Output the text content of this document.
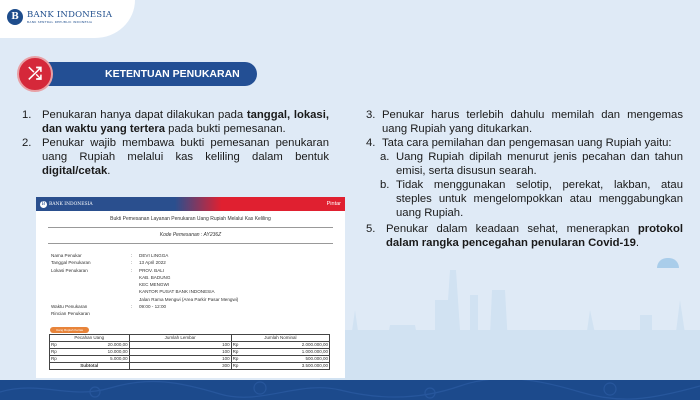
B BANK INDONESIA
BANK SENTRAL REPUBLIK INDONESIA
KETENTUAN PENUKARAN
⤮
1. Penukaran hanya dapat dilakukan pada tanggal, lokasi, dan waktu yang tertera pada bukti pemesanan.
2. Penukar wajib membawa bukti pemesanan penukaran uang Rupiah melalui kas keliling dalam bentuk digital/cetak.
3. Penukar harus terlebih dahulu memilah dan mengemas uang Rupiah yang ditukarkan.
4. Tata cara pemilahan dan pengemasan uang Rupiah yaitu:
a. Uang Rupiah dipilah menurut jenis pecahan dan tahun emisi, serta disusun searah.
b. Tidak menggunakan selotip, perekat, lakban, atau steples untuk mengelompokkan atau menggabungkan uang Rupiah.
5. Penukar dalam keadaan sehat, menerapkan protokol dalam rangka pencegahan penularan Covid-19.
B BANK INDONESIA	Pintar
Bukti Pemesanan Layanan Penukaran Uang Rupiah Melalui Kas Keliling
Kode Pemesanan : AY236Z
Nama Penukar	:	DEVI LINGGA
Tanggal Penukaran	:	13 April 2022
Lokasi Penukaran	:	PROV. BALI
KAB. BADUNG
KEC MENGWI
KANTOR PUSAT BANK INDONESIA
Jalan Rama Mengwi (Area Parkir Pasar Mengwi)
Waktu Penukaran	:	09:00 - 12:00
Rincian Penukaran
Uang Rupiah Kertas
Pecahan Uang		Jumlah Lembar	Jumlah Nominal	
Rp	20.000,00	100	Rp	2.000.000,00
Rp	10.000,00	100	Rp	1.000.000,00
Rp	5.000,00	100	Rp	500.000,00
Subtotal		300	Rp	3.500.000,00
